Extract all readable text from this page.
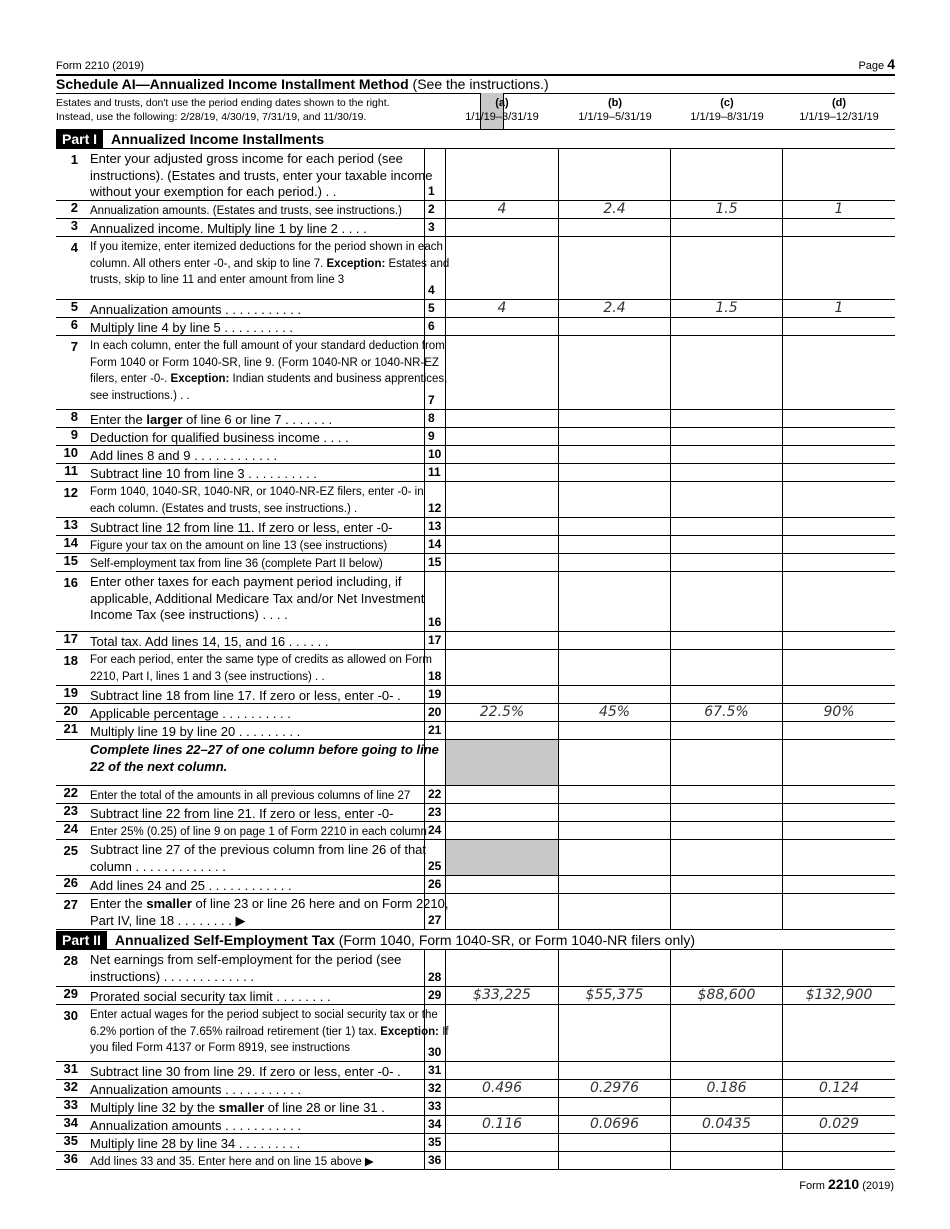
Form 2210 (2019)	Page 4
Schedule AI—Annualized Income Installment Method (See the instructions.)
Estates and trusts, don't use the period ending dates shown to the right. Instead, use the following: 2/28/19, 4/30/19, 7/31/19, and 11/30/19.
(a)
1/1/19–3/31/19
(b)
1/1/19–5/31/19
(c)
1/1/19–8/31/19
(d)
1/1/19–12/31/19
Part I Annualized Income Installments
1 Enter your adjusted gross income for each period (see instructions). (Estates and trusts, enter your taxable income without your exemption for each period.) . .	1
2 Annualization amounts. (Estates and trusts, see instructions.)	2	4	2.4	1.5	1
3 Annualized income. Multiply line 1 by line 2 . . . .	3
4 If you itemize, enter itemized deductions for the period shown in each column. All others enter -0-, and skip to line 7. Exception: Estates and trusts, skip to line 11 and enter amount from line 3
4
5 Annualization amounts . . . . . . . . . . .	5	4	2.4	1.5	1
6 Multiply line 4 by line 5 . . . . . . . . . .	6
7 In each column, enter the full amount of your standard deduction from Form 1040 or Form 1040-SR, line 9. (Form 1040-NR or 1040-NR-EZ filers, enter -0-. Exception: Indian students and business apprentices, see instructions.) . .	7
8 Enter the larger of line 6 or line 7 . . . . . . .	8
9 Deduction for qualified business income . . . .	9
10 Add lines 8 and 9 . . . . . . . . . . . .	10
11 Subtract line 10 from line 3 . . . . . . . . . .	11
12 Form 1040, 1040-SR, 1040-NR, or 1040-NR-EZ filers, enter -0- in each column. (Estates and trusts, see instructions.) .	12
13 Subtract line 12 from line 11. If zero or less, enter -0-	13
14 Figure your tax on the amount on line 13 (see instructions)	14
15 Self-employment tax from line 36 (complete Part II below)	15
16 Enter other taxes for each payment period including, if applicable, Additional Medicare Tax and/or Net Investment Income Tax (see instructions) . . . .	16
17 Total tax. Add lines 14, 15, and 16 . . . . . .	17
18 For each period, enter the same type of credits as allowed on Form 2210, Part I, lines 1 and 3 (see instructions) . .	18
19 Subtract line 18 from line 17. If zero or less, enter -0- .	19
20 Applicable percentage . . . . . . . . . .	20	22.5%	45%	67.5%	90%
21 Multiply line 19 by line 20 . . . . . . . . .	21
Complete lines 22–27 of one column before going to line 22 of the next column.
22 Enter the total of the amounts in all previous columns of line 27	22
23 Subtract line 22 from line 21. If zero or less, enter -0-	23
24 Enter 25% (0.25) of line 9 on page 1 of Form 2210 in each column 24
25 Subtract line 27 of the previous column from line 26 of that column . . . . . . . . . . . . .	25
26 Add lines 24 and 25 . . . . . . . . . . . .	26
27 Enter the smaller of line 23 or line 26 here and on Form 2210, Part IV, line 18 . . . . . . . . ▶	27
28 Net earnings from self-employment for the period (see instructions) . . . . . . . . . . . . .	28
29 Prorated social security tax limit . . . . . . . .	29	$33,225	$55,375	$88,600	$132,900
30 Enter actual wages for the period subject to social security tax or the 6.2% portion of the 7.65% railroad retirement (tier 1) tax. Exception: If you filed Form 4137 or Form 8919, see instructions	30
31 Subtract line 30 from line 29. If zero or less, enter -0- .	31
32 Annualization amounts . . . . . . . . . . .	32	0.496	0.2976	0.186	0.124
33 Multiply line 32 by the smaller of line 28 or line 31 .	33
34 Annualization amounts . . . . . . . . . . .	34	0.116	0.0696	0.0435	0.029
35 Multiply line 28 by line 34 . . . . . . . . .	35
36 Add lines 33 and 35. Enter here and on line 15 above ▶	36
Part II Annualized Self-Employment Tax (Form 1040, Form 1040-SR, or Form 1040-NR filers only)
Form 2210 (2019)
